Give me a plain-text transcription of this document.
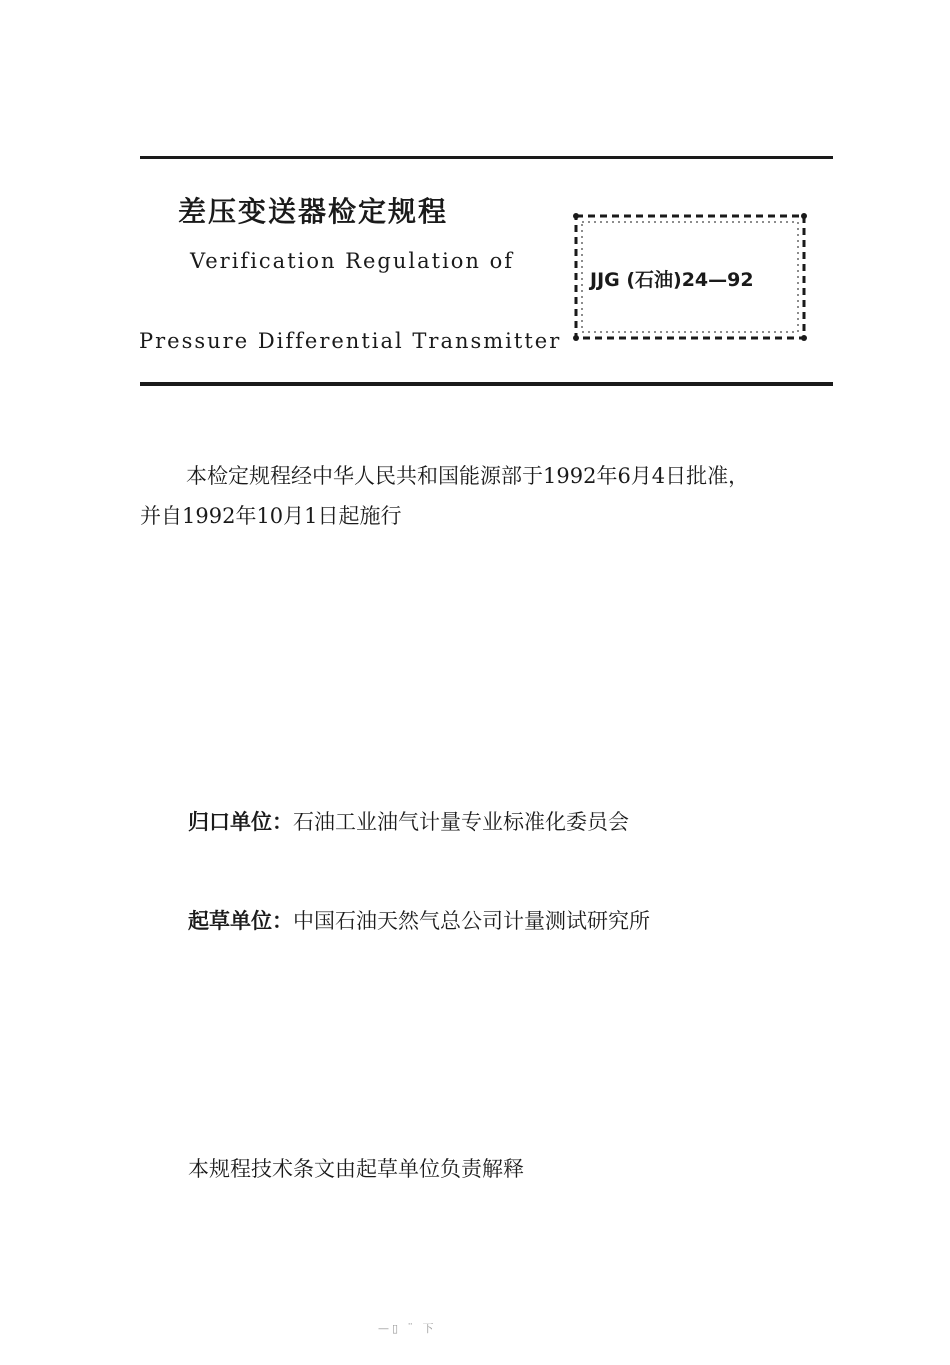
差压变送器检定规程
Verification Regulation of
Pressure Differential Transmitter
JJG (石油)24—92

本检定规程经中华人民共和国能源部于1992年6月4日批准，

并自1992年10月1日起施行

归口单位：石油工业油气计量专业标准化委员会
起草单位：中国石油天然气总公司计量测试研究所
本规程技术条文由起草单位负责解释
—▯ ¨ 下
